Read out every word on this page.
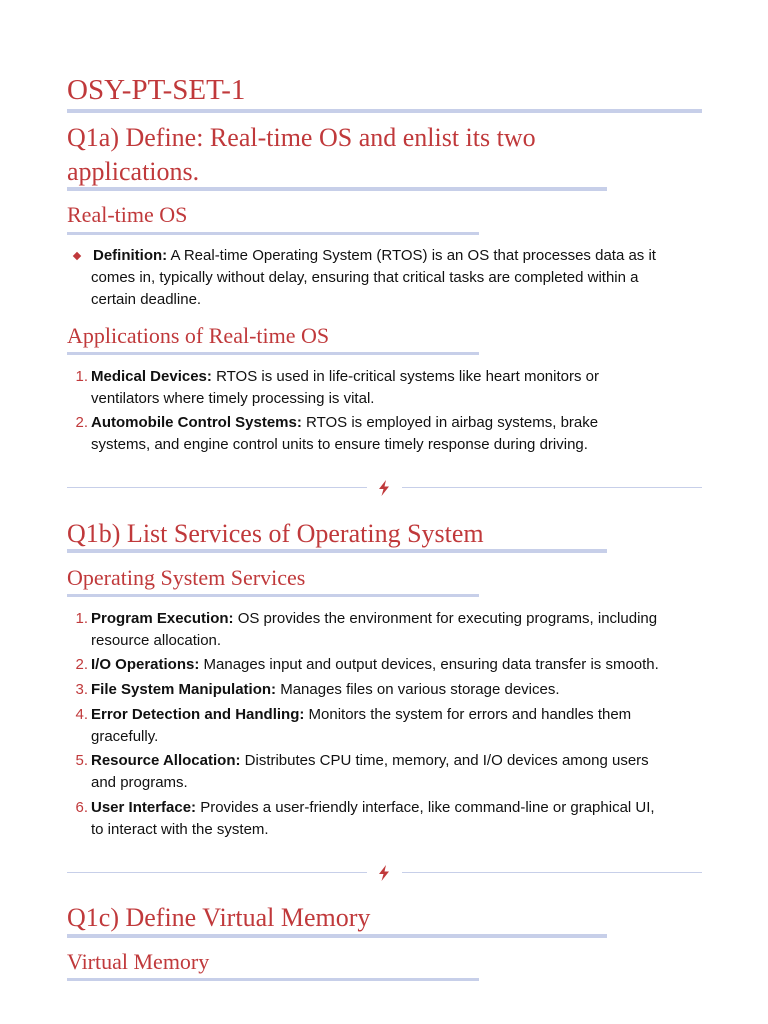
OSY-PT-SET-1
Q1a) Define: Real-time OS and enlist its two
applications.
Real-time OS
Definition: A Real-time Operating System (RTOS) is an OS that processes data as it
comes in, typically without delay, ensuring that critical tasks are completed within a
certain deadline.
Applications of Real-time OS
1. Medical Devices: RTOS is used in life-critical systems like heart monitors or
ventilators where timely processing is vital.
2. Automobile Control Systems: RTOS is employed in airbag systems, brake
systems, and engine control units to ensure timely response during driving.
Q1b) List Services of Operating System
Operating System Services
1. Program Execution: OS provides the environment for executing programs, including
resource allocation.
2. I/O Operations: Manages input and output devices, ensuring data transfer is smooth.
3. File System Manipulation: Manages files on various storage devices.
4. Error Detection and Handling: Monitors the system for errors and handles them
gracefully.
5. Resource Allocation: Distributes CPU time, memory, and I/O devices among users
and programs.
6. User Interface: Provides a user-friendly interface, like command-line or graphical UI,
to interact with the system.
Q1c) Define Virtual Memory
Virtual Memory
